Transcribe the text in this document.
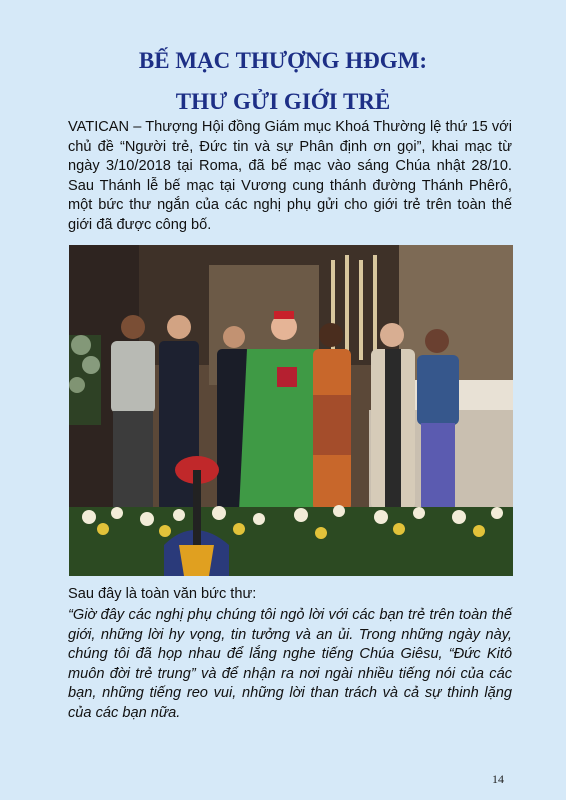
BẾ MẠC THƯỢNG HĐGM:
THƯ GỬI GIỚI TRẺ

VATICAN – Thượng Hội đồng Giám mục Khoá Thường lệ thứ 15 với chủ đề “Người trẻ, Đức tin và sự Phân định ơn gọi”, khai mạc từ ngày 3/10/2018 tại Roma, đã bế mạc vào sáng Chúa nhật 28/10. Sau Thánh lễ bế mạc tại Vương cung thánh đường Thánh Phêrô, một bức thư ngắn của các nghị phụ gửi cho giới trẻ trên toàn thế giới đã được công bố.

Sau đây là toàn văn bức thư:

“Giờ đây các nghị phụ chúng tôi ngỏ lời với các bạn trẻ trên toàn thế giới, những lời hy vọng, tin tưởng và an ủi. Trong những ngày này, chúng tôi đã họp nhau để lắng nghe tiếng Chúa Giêsu, “Đức Kitô muôn đời trẻ trung” và để nhận ra nơi ngài nhiều tiếng nói của các bạn, những tiếng reo vui, những lời than trách và cả sự thinh lặng của các bạn nữa.

14
